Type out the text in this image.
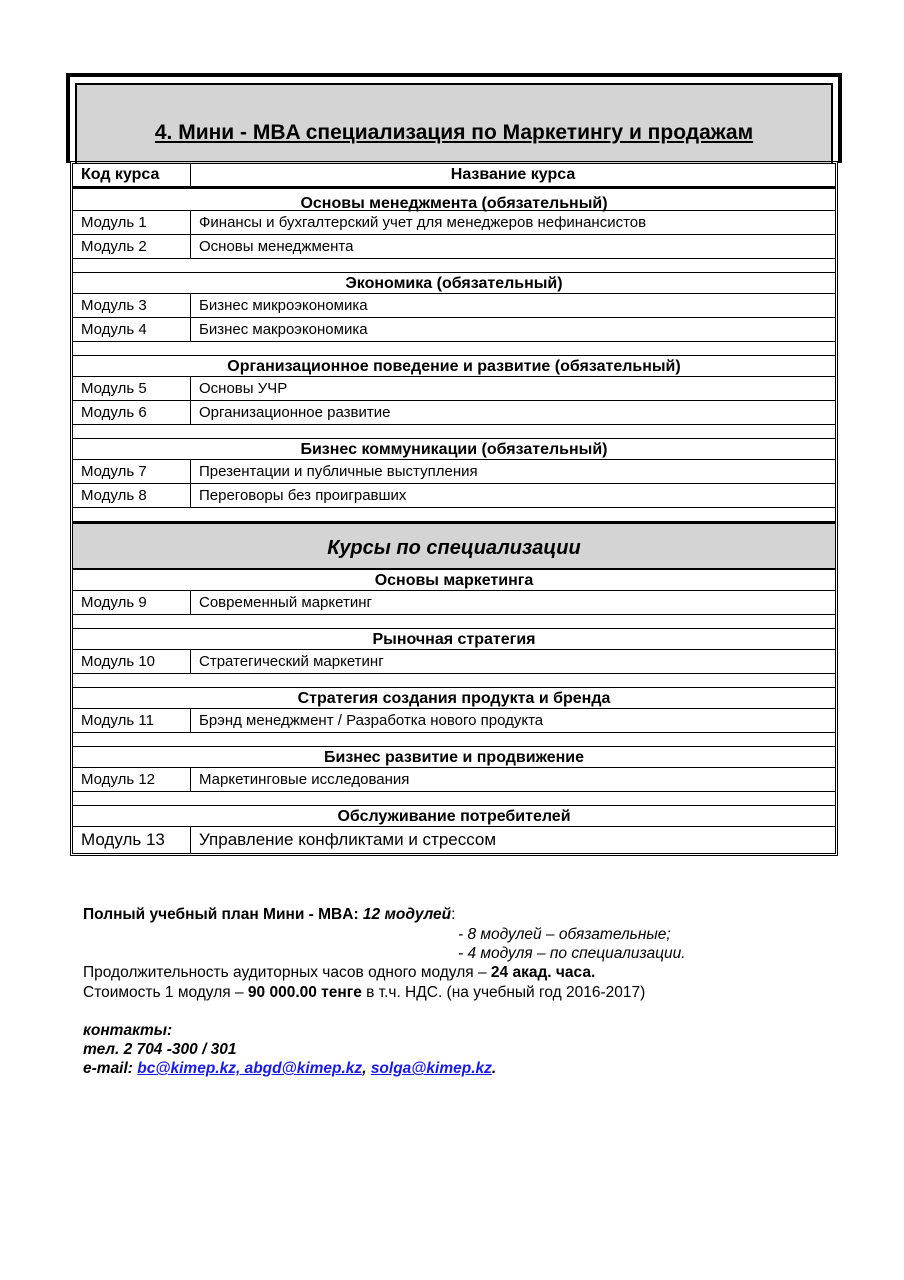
4. Мини - MBA специализация по Маркетингу и продажам
Код курса	Название курса
Основы менеджмента (обязательный)
Модуль 1	Финансы и бухгалтерский учет для менеджеров нефинансистов
Модуль 2	Основы менеджмента
Экономика (обязательный)
Модуль 3	Бизнес микроэкономика
Модуль 4	Бизнес макроэкономика
Организационное поведение и развитие (обязательный)
Модуль 5	Основы УЧР
Модуль 6	Организационное развитие
Бизнес коммуникации (обязательный)
Модуль 7	Презентации и публичные выступления
Модуль 8	Переговоры без проигравших
Курсы по специализации
Основы маркетинга
Модуль 9	Современный маркетинг
Рыночная стратегия
Модуль 10	Стратегический маркетинг
Стратегия создания продукта и бренда
Модуль 11	Брэнд менеджмент / Разработка нового продукта
Бизнес развитие и продвижение
Модуль 12	Маркетинговые исследования
Обслуживание потребителей
Модуль 13	Управление конфликтами и стрессом
Полный учебный план Мини - MBA: 12 модулей:
- 8 модулей – обязательные;
- 4 модуля – по специализации.
Продолжительность аудиторных часов одного модуля – 24 акад. часа.
Стоимость 1 модуля – 90 000.00 тенге в т.ч. НДС. (на учебный год 2016-2017)
контакты:
тел. 2 704 -300 / 301
e-mail: bc@kimep.kz, abgd@kimep.kz, solga@kimep.kz.
